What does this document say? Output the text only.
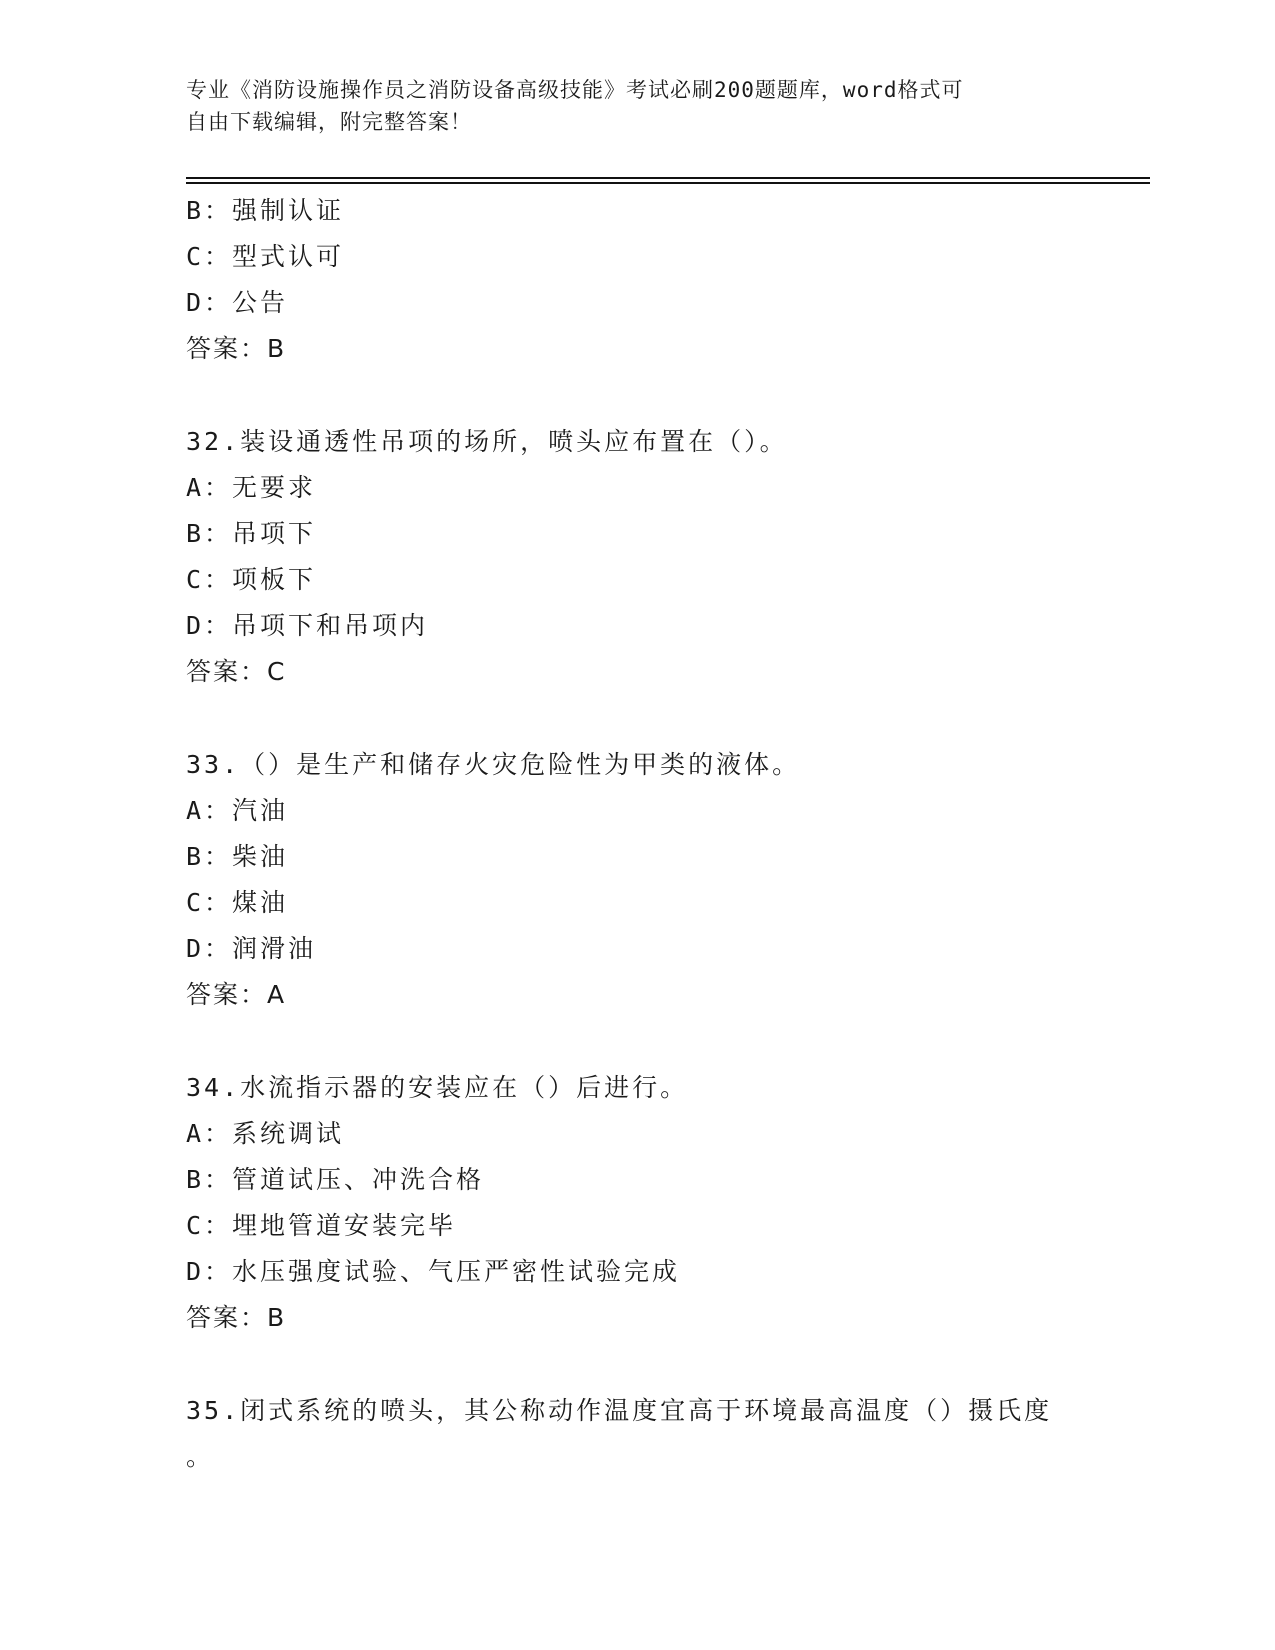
专业《消防设施操作员之消防设备高级技能》考试必刷200题题库，word格式可
自由下载编辑，附完整答案！
B：强制认证
C：型式认可
D：公告
答案：B
32.装设通透性吊项的场所，喷头应布置在（）。
A：无要求
B：吊项下
C：项板下
D：吊项下和吊项内
答案：C
33.（）是生产和储存火灾危险性为甲类的液体。
A：汽油
B：柴油
C：煤油
D：润滑油
答案：A
34.水流指示器的安装应在（）后进行。
A：系统调试
B：管道试压、冲洗合格
C：埋地管道安装完毕
D：水压强度试验、气压严密性试验完成
答案：B
35.闭式系统的喷头，其公称动作温度宜高于环境最高温度（）摄氏度
。
